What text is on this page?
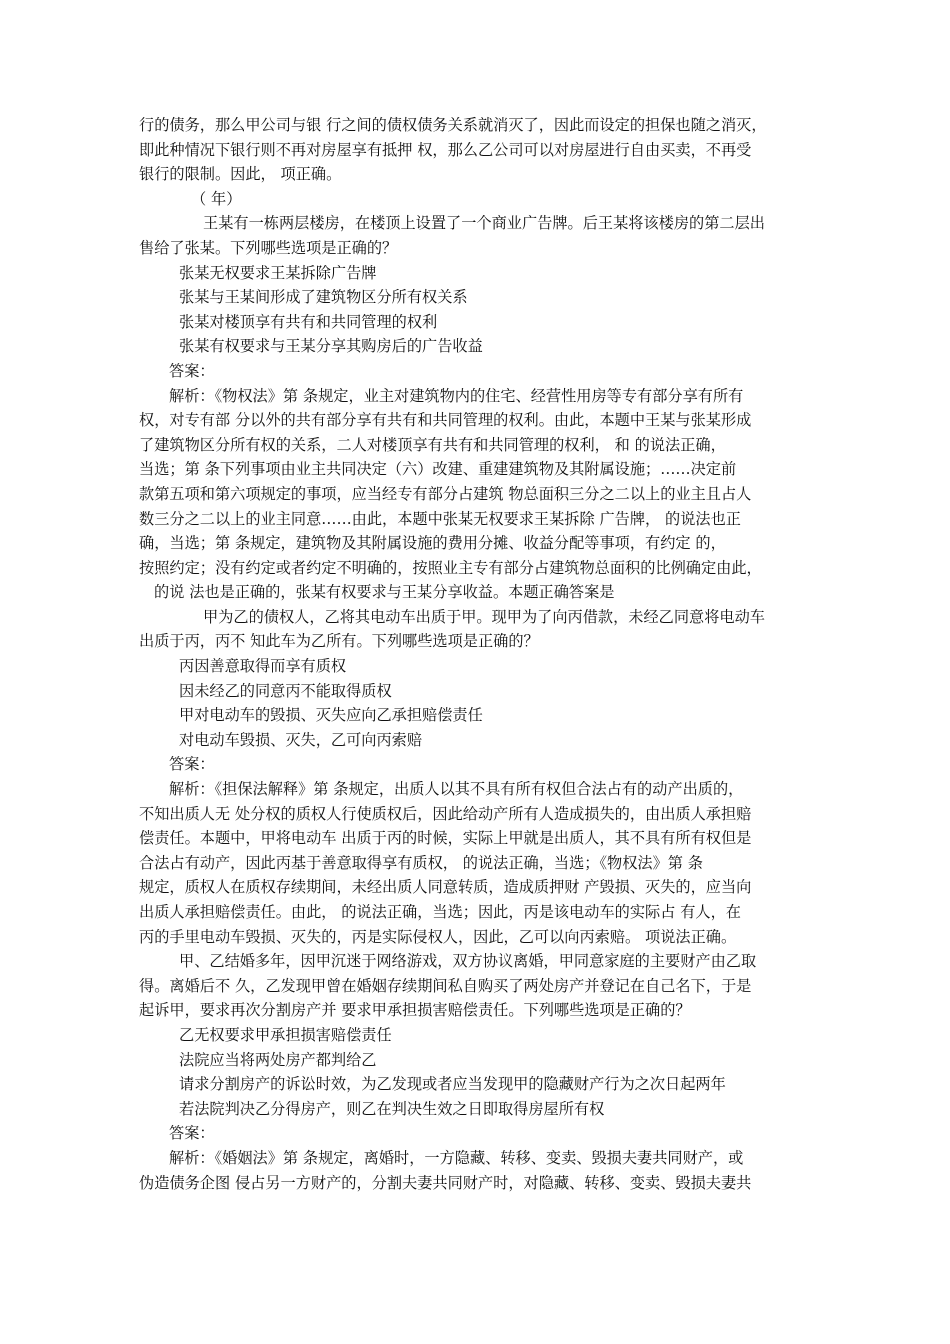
行的债务，那么甲公司与银 行之间的债权债务关系就消灭了，因此而设定的担保也随之消灭，
即此种情况下银行则不再对房屋享有抵押 权，那么乙公司可以对房屋进行自由买卖，不再受
银行的限制。因此， 项正确。
（ 年）
王某有一栋两层楼房，在楼顶上设置了一个商业广告牌。后王某将该楼房的第二层出
售给了张某。下列哪些选项是正确的？
张某无权要求王某拆除广告牌
张某与王某间形成了建筑物区分所有权关系
张某对楼顶享有共有和共同管理的权利
张某有权要求与王某分享其购房后的广告收益
答案：
解析：《物权法》第 条规定，业主对建筑物内的住宅、经营性用房等专有部分享有所有
权，对专有部 分以外的共有部分享有共有和共同管理的权利。由此，本题中王某与张某形成
了建筑物区分所有权的关系，二人对楼顶享有共有和共同管理的权利， 和 的说法正确，
当选；第 条下列事项由业主共同决定（六）改建、重建建筑物及其附属设施；……决定前
款第五项和第六项规定的事项，应当经专有部分占建筑 物总面积三分之二以上的业主且占人
数三分之二以上的业主同意……由此，本题中张某无权要求王某拆除 广告牌， 的说法也正
确，当选；第 条规定，建筑物及其附属设施的费用分摊、收益分配等事项，有约定 的，
按照约定；没有约定或者约定不明确的，按照业主专有部分占建筑物总面积的比例确定由此，
的说 法也是正确的，张某有权要求与王某分享收益。本题正确答案是
甲为乙的债权人，乙将其电动车出质于甲。现甲为了向丙借款，未经乙同意将电动车
出质于丙，丙不 知此车为乙所有。下列哪些选项是正确的？
丙因善意取得而享有质权
因未经乙的同意丙不能取得质权
甲对电动车的毁损、灭失应向乙承担赔偿责任
对电动车毁损、灭失，乙可向丙索赔
答案：
解析：《担保法解释》第 条规定，出质人以其不具有所有权但合法占有的动产出质的，
不知出质人无 处分权的质权人行使质权后，因此给动产所有人造成损失的，由出质人承担赔
偿责任。本题中，甲将电动车 出质于丙的时候，实际上甲就是出质人，其不具有所有权但是
合法占有动产，因此丙基于善意取得享有质权， 的说法正确，当选；《物权法》第 条
规定，质权人在质权存续期间，未经出质人同意转质，造成质押财 产毁损、灭失的，应当向
出质人承担赔偿责任。由此， 的说法正确，当选；因此，丙是该电动车的实际占 有人，在
丙的手里电动车毁损、灭失的，丙是实际侵权人，因此，乙可以向丙索赔。 项说法正确。
甲、乙结婚多年，因甲沉迷于网络游戏，双方协议离婚，甲同意家庭的主要财产由乙取
得。离婚后不 久，乙发现甲曾在婚姻存续期间私自购买了两处房产并登记在自己名下，于是
起诉甲，要求再次分割房产并 要求甲承担损害赔偿责任。下列哪些选项是正确的？
乙无权要求甲承担损害赔偿责任
法院应当将两处房产都判给乙
请求分割房产的诉讼时效，为乙发现或者应当发现甲的隐藏财产行为之次日起两年
若法院判决乙分得房产，则乙在判决生效之日即取得房屋所有权
答案：
解析：《婚姻法》第 条规定，离婚时，一方隐藏、转移、变卖、毁损夫妻共同财产，或
伪造债务企图 侵占另一方财产的，分割夫妻共同财产时，对隐藏、转移、变卖、毁损夫妻共
